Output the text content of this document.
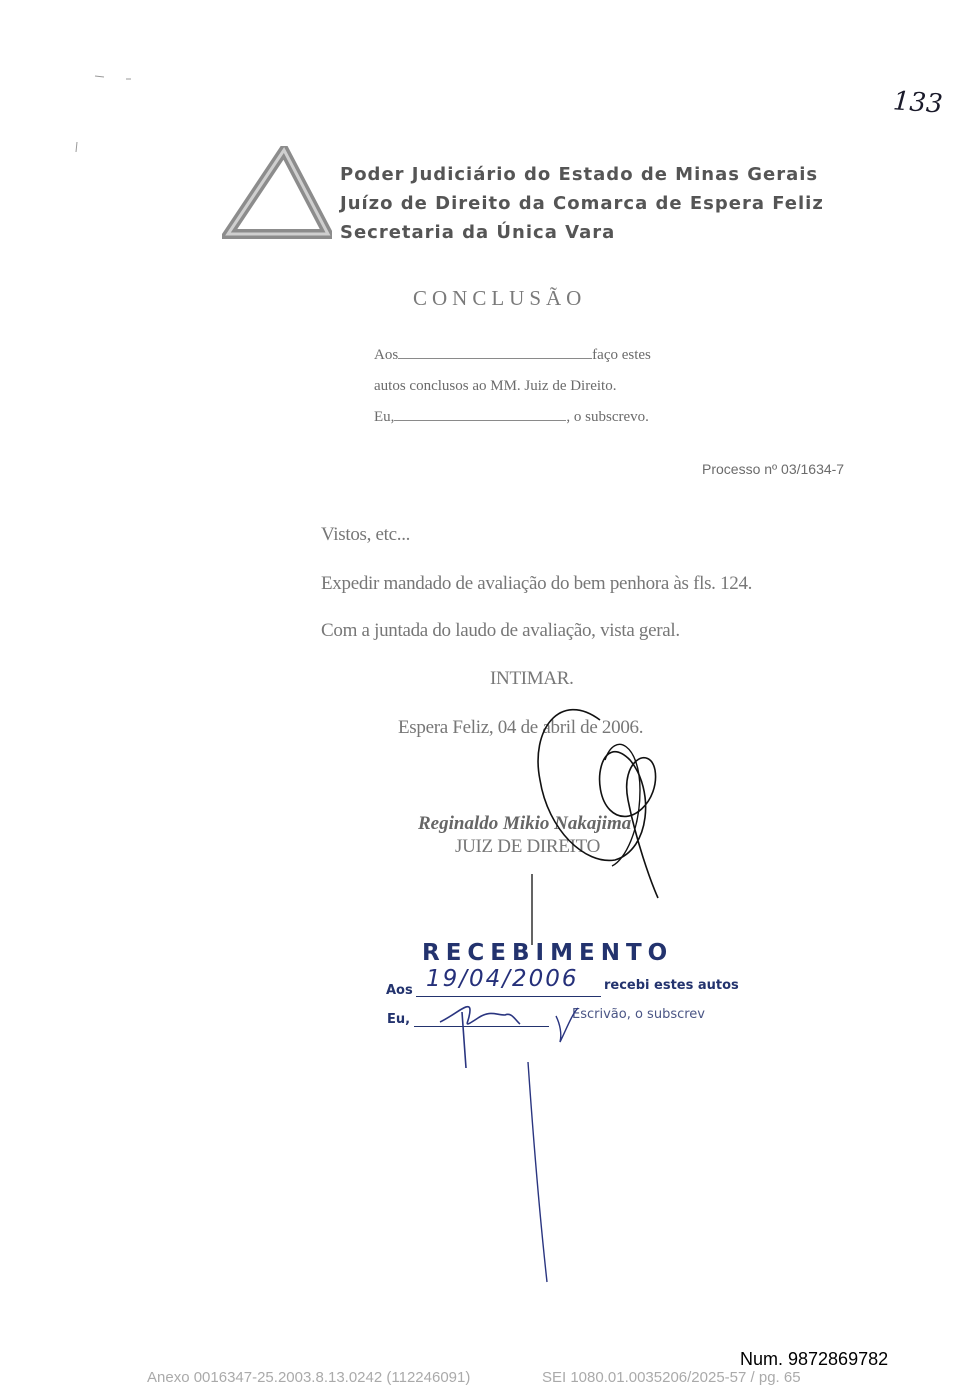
133
Poder Judiciário do Estado de Minas Gerais
Juízo de Direito da Comarca de Espera Feliz
Secretaria da Única Vara
CONCLUSÃO
Aos	faço estes
autos conclusos ao MM. Juiz de Direito.
Eu,	, o subscrevo.
Processo nº 03/1634-7
Vistos, etc...
Expedir mandado de avaliação do bem penhora às fls. 124.
Com a juntada do laudo de avaliação, vista geral.
INTIMAR.
Espera Feliz, 04 de abril de 2006.
Reginaldo Mikio Nakajima
JUIZ DE DIREITO
RECEBIMENTO
Aos 19/04/2006 recebi estes autos
Eu,	Escrivão, o subscrev
Num. 9872869782
Anexo 0016347-25.2003.8.13.0242 (112246091)	SEI 1080.01.0035206/2025-57 / pg. 65
